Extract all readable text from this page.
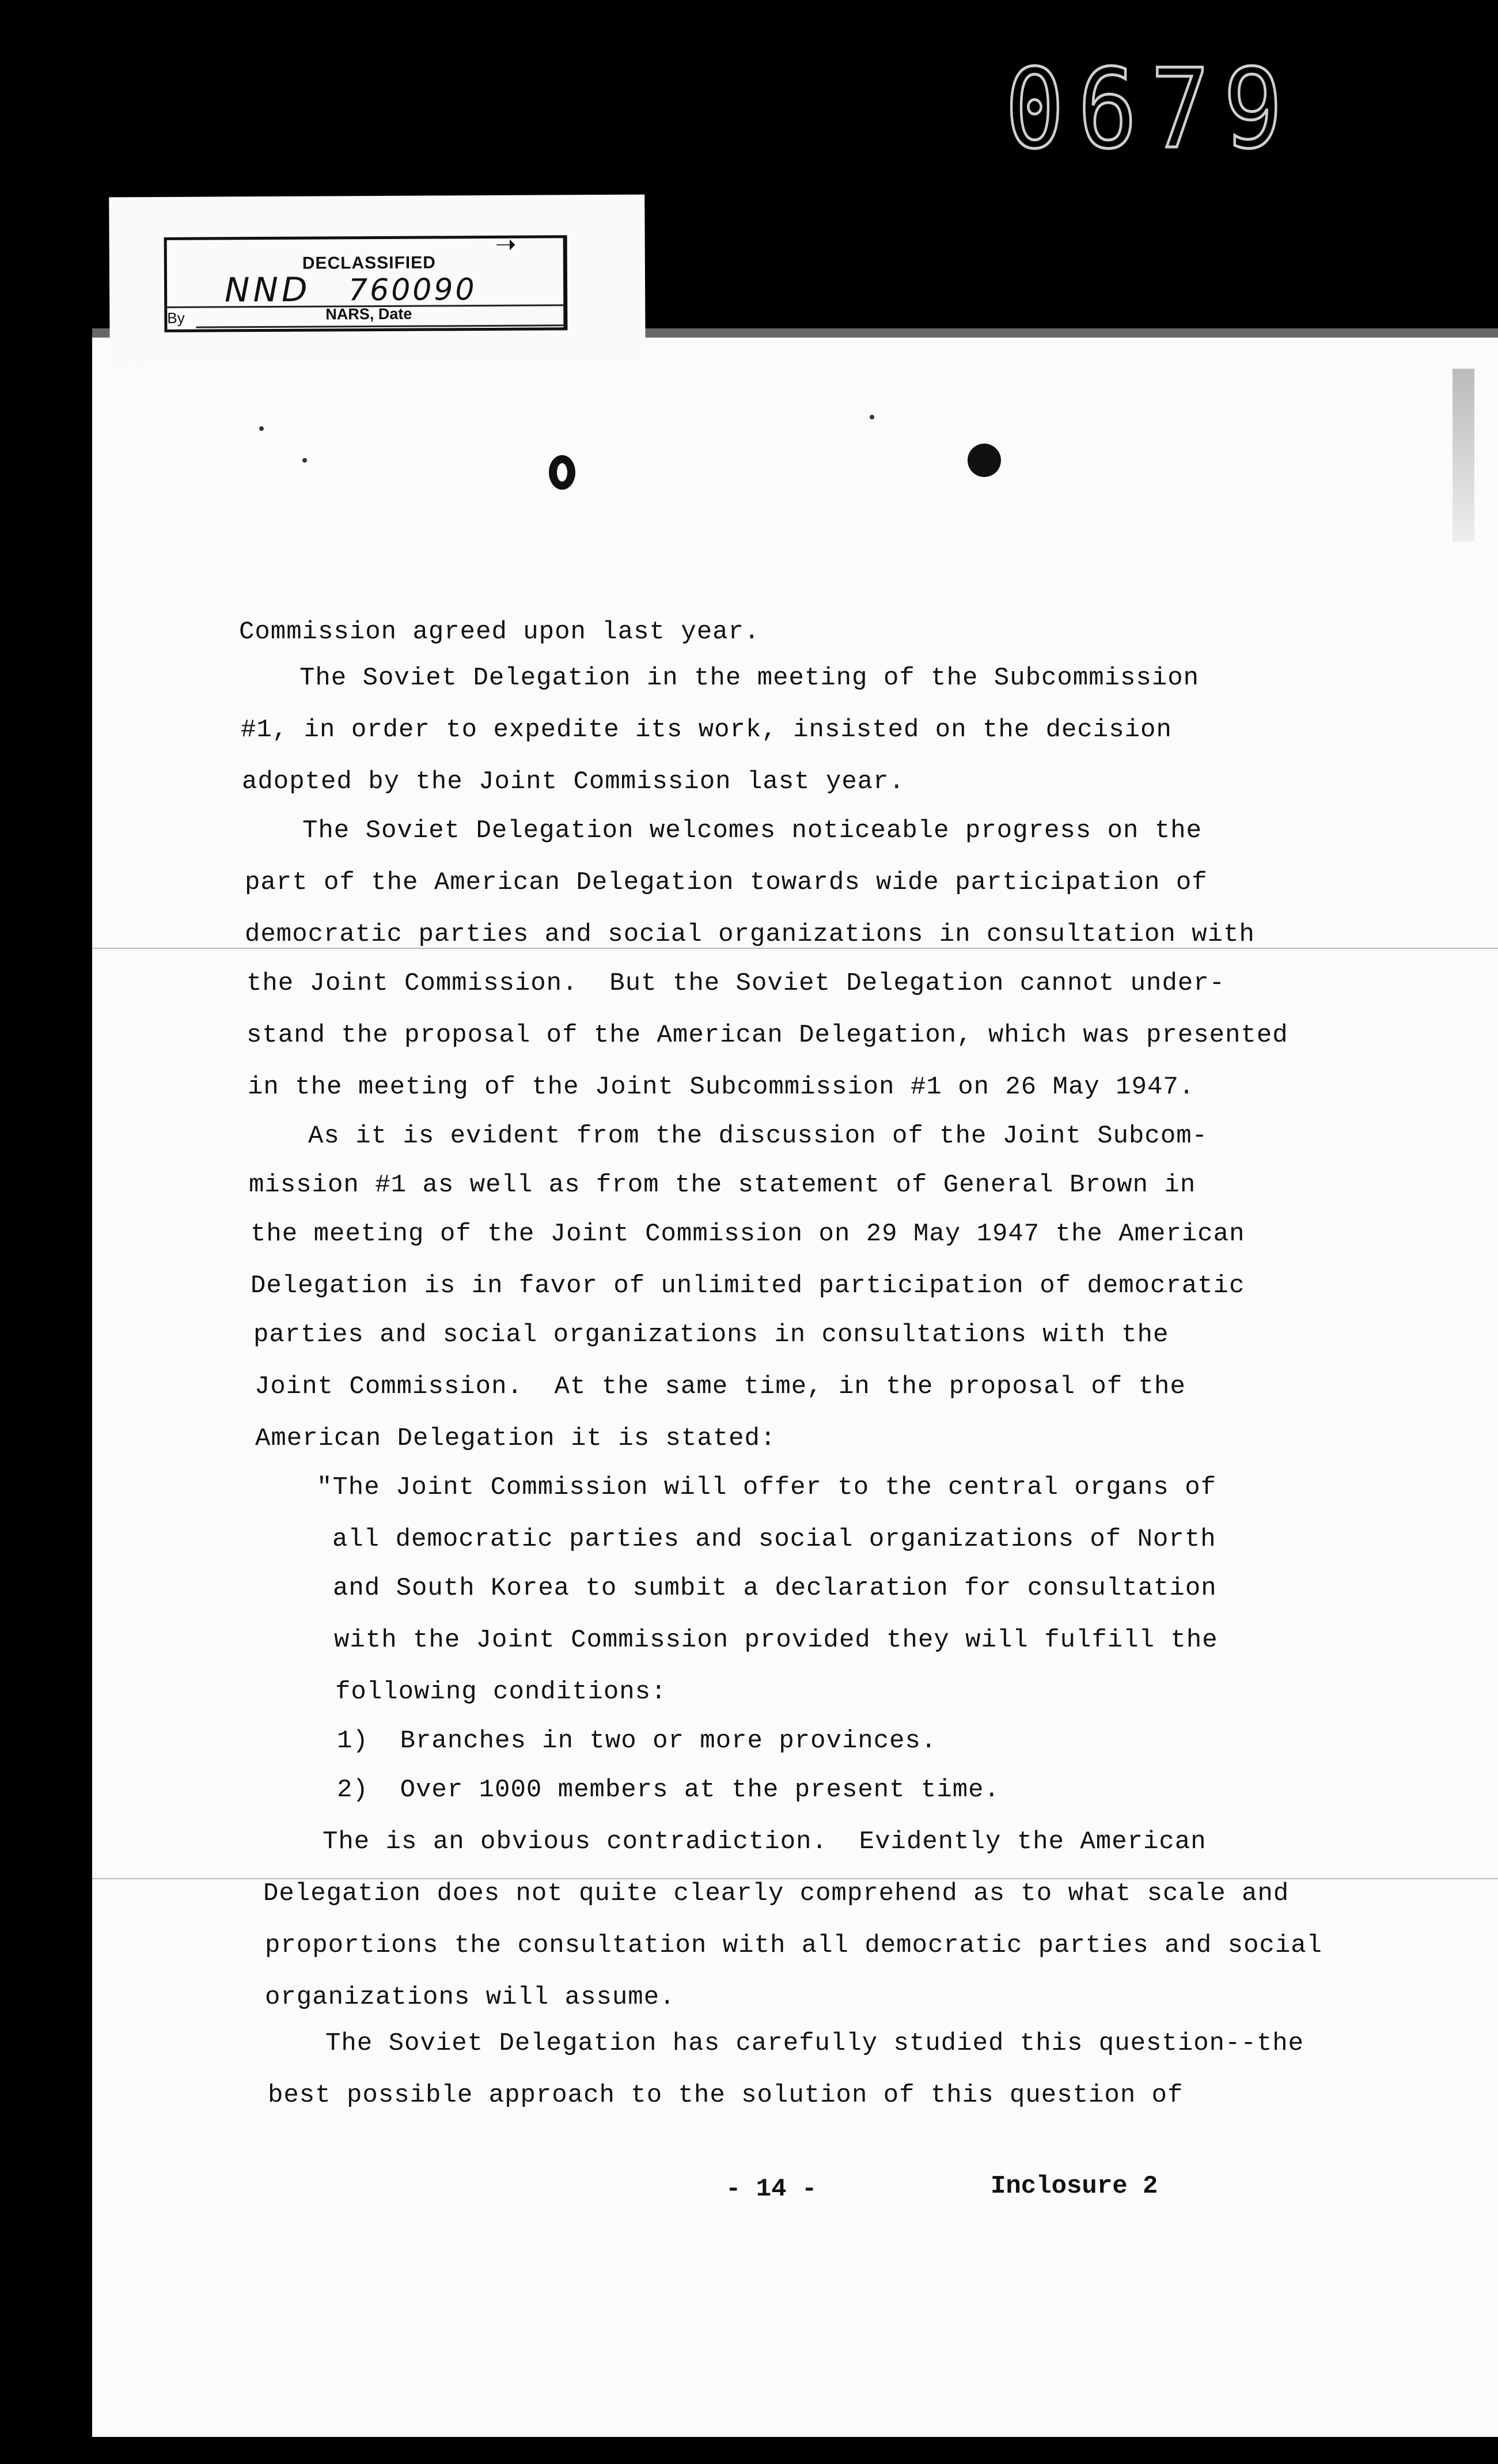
0679
Commission agreed upon last year.
The Soviet Delegation in the meeting of the Subcommission
#1, in order to expedite its work, insisted on the decision
adopted by the Joint Commission last year.
The Soviet Delegation welcomes noticeable progress on the
part of the American Delegation towards wide participation of
democratic parties and social organizations in consultation with
the Joint Commission.  But the Soviet Delegation cannot under-
stand the proposal of the American Delegation, which was presented
in the meeting of the Joint Subcommission #1 on 26 May 1947.
As it is evident from the discussion of the Joint Subcom-
mission #1 as well as from the statement of General Brown in
the meeting of the Joint Commission on 29 May 1947 the American
Delegation is in favor of unlimited participation of democratic
parties and social organizations in consultations with the
Joint Commission.  At the same time, in the proposal of the
American Delegation it is stated:
"The Joint Commission will offer to the central organs of
all democratic parties and social organizations of North
and South Korea to sumbit a declaration for consultation
with the Joint Commission provided they will fulfill the
following conditions:
1)  Branches in two or more provinces.
2)  Over 1000 members at the present time.
The is an obvious contradiction.  Evidently the American
Delegation does not quite clearly comprehend as to what scale and
proportions the consultation with all democratic parties and social
organizations will assume.
The Soviet Delegation has carefully studied this question--the
best possible approach to the solution of this question of
- 14 -	Inclosure 2
DECLASSIFIED
NND 760090
By	NARS, Date
➝
